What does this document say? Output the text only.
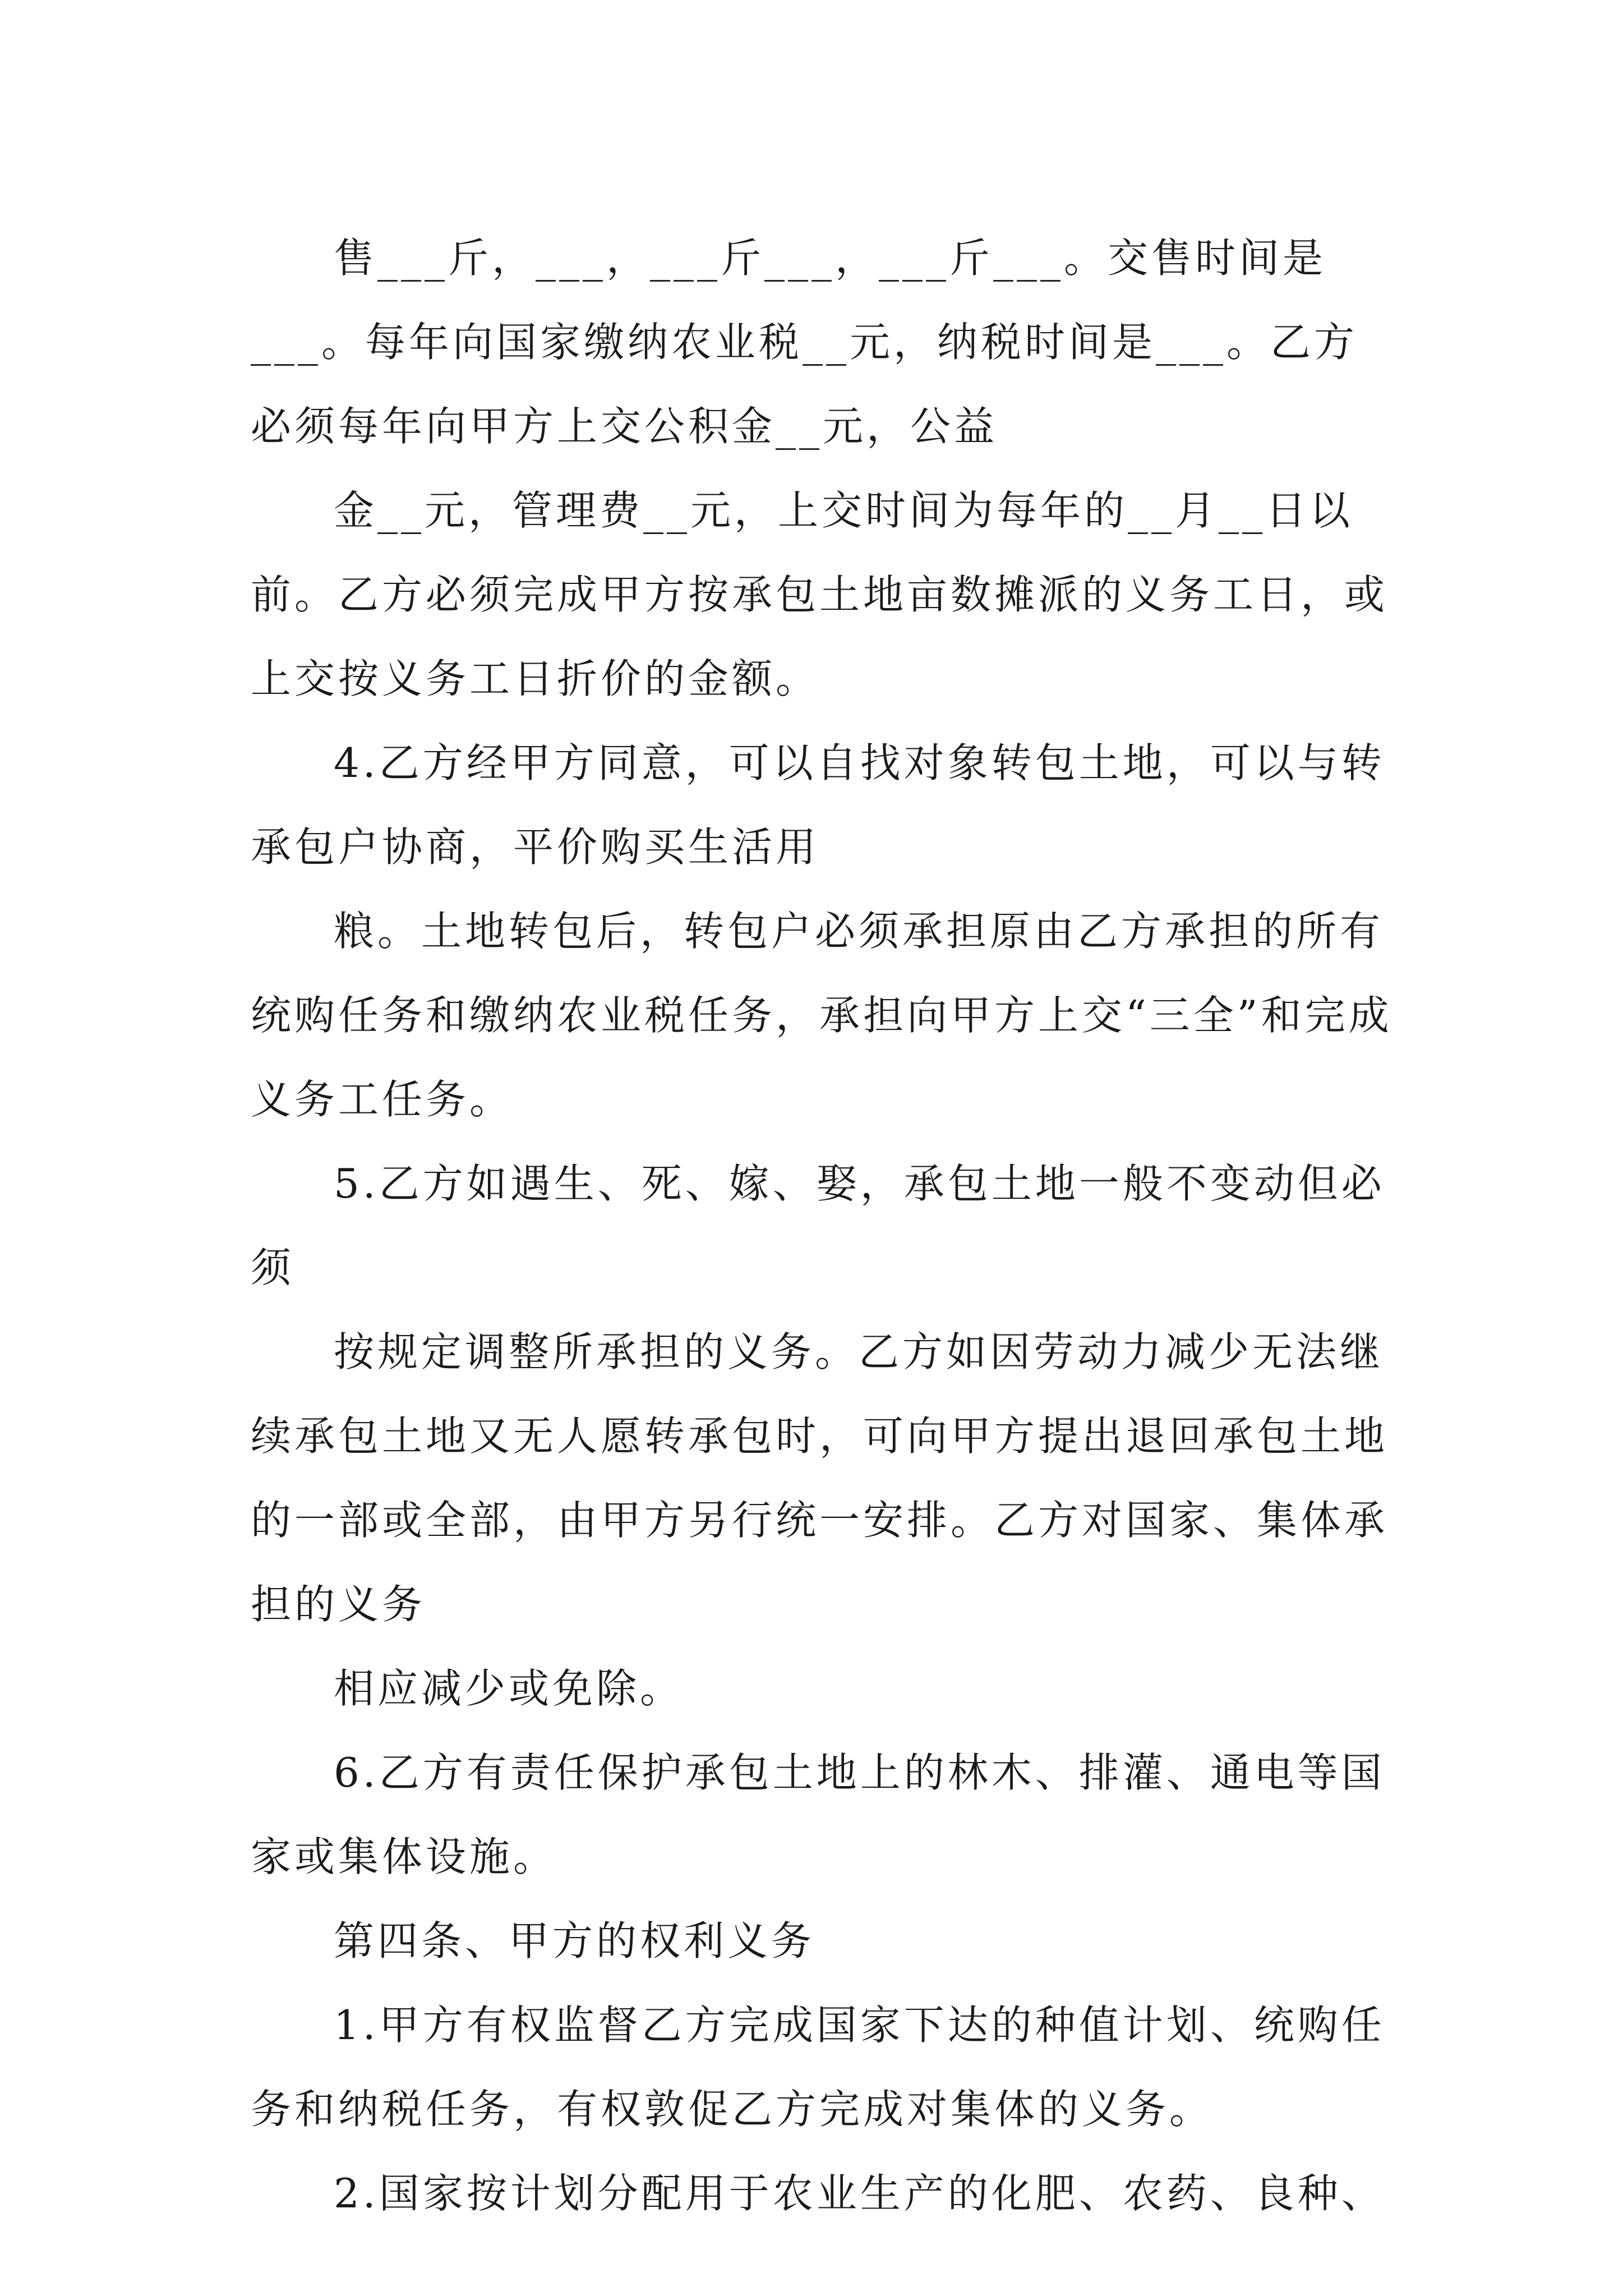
售___斤，___，___斤___，___斤___。交售时间是___。每年向国家缴纳农业税__元，纳税时间是___。乙方必须每年向甲方上交公积金__元，公益

金__元，管理费__元，上交时间为每年的__月__日以前。乙方必须完成甲方按承包土地亩数摊派的义务工日，或上交按义务工日折价的金额。

4.乙方经甲方同意，可以自找对象转包土地，可以与转承包户协商，平价购买生活用

粮。土地转包后，转包户必须承担原由乙方承担的所有统购任务和缴纳农业税任务，承担向甲方上交“三全”和完成义务工任务。

5.乙方如遇生、死、嫁、娶，承包土地一般不变动但必须

按规定调整所承担的义务。乙方如因劳动力减少无法继续承包土地又无人愿转承包时，可向甲方提出退回承包土地的一部或全部，由甲方另行统一安排。乙方对国家、集体承担的义务

相应减少或免除。

6.乙方有责任保护承包土地上的林木、排灌、通电等国家或集体设施。

第四条、甲方的权利义务

1.甲方有权监督乙方完成国家下达的种值计划、统购任务和纳税任务，有权敦促乙方完成对集体的义务。

2.国家按计划分配用于农业生产的化肥、农药、良种、
